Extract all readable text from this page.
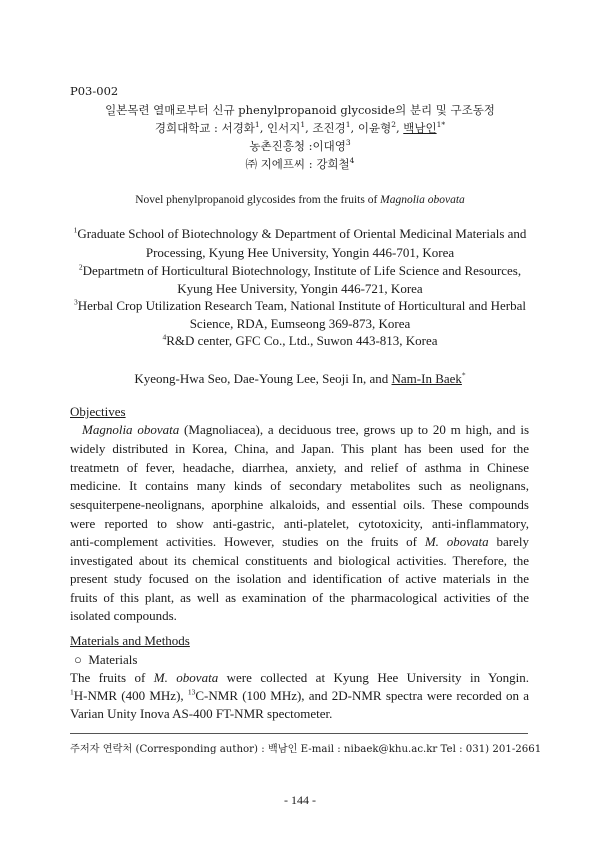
P03-002
일본목련 열매로부터 신규 phenylpropanoid glycoside의 분리 및 구조동정
경희대학교 : 서경화$^1$, 인서지$^1$, 조진경$^1$, 이윤형$^2$, 백남인$^{1*}$
농촌진흥청 :이대영$^3$
㈜ 지에프씨 : 강희철$^4$
Novel phenylpropanoid glycosides from the fruits of Magnolia obovata
$^1$Graduate School of Biotechnology & Department of Oriental Medicinal Materials and
Processing, Kyung Hee University, Yongin 446-701, Korea
$^2$Departmetn of Horticultural Biotechnology, Institute of Life Science and Resources,
Kyung Hee University, Yongin 446-721, Korea
$^3$Herbal Crop Utilization Research Team, National Institute of Horticultural and Herbal
Science, RDA, Eumseong 369-873, Korea
$^4$R&D center, GFC Co., Ltd., Suwon 443-813, Korea
Kyeong-Hwa Seo, Dae-Young Lee, Seoji In, and Nam-In Baek*
Objectives
Magnolia obovata (Magnoliacea), a deciduous tree, grows up to 20 m high, and is
widely distributed in Korea, China, and Japan. This plant has been used for the
treatmetn of fever, headache, diarrhea, anxiety, and relief of asthma in Chinese
medicine. It contains many kinds of secondary metabolites such as neolignans,
sesquiterpene-neolignans, aporphine alkaloids, and essential oils. These compounds
were reported to show anti-gastric, anti-platelet, cytotoxicity, anti-inflammatory,
anti-complement activities. However, studies on the fruits of M. obovata barely
investigated about its chemical constituents and biological activities. Therefore, the
present study focused on the isolation and identification of active materials in the
fruits of this plant, as well as examination of the pharmacological activities of the
isolated compounds.
Materials and Methods
○ Materials
The fruits of M. obovata were collected at Kyung Hee University in Yongin.
$^1$H-NMR (400 MHz), $^{13}$C-NMR (100 MHz), and 2D-NMR spectra were recorded on a
Varian Unity Inova AS-400 FT-NMR spectometer.
주저자 연락처 (Corresponding author) : 백남인 E-mail : nibaek@khu.ac.kr Tel : 031) 201-2661
- 144 -
